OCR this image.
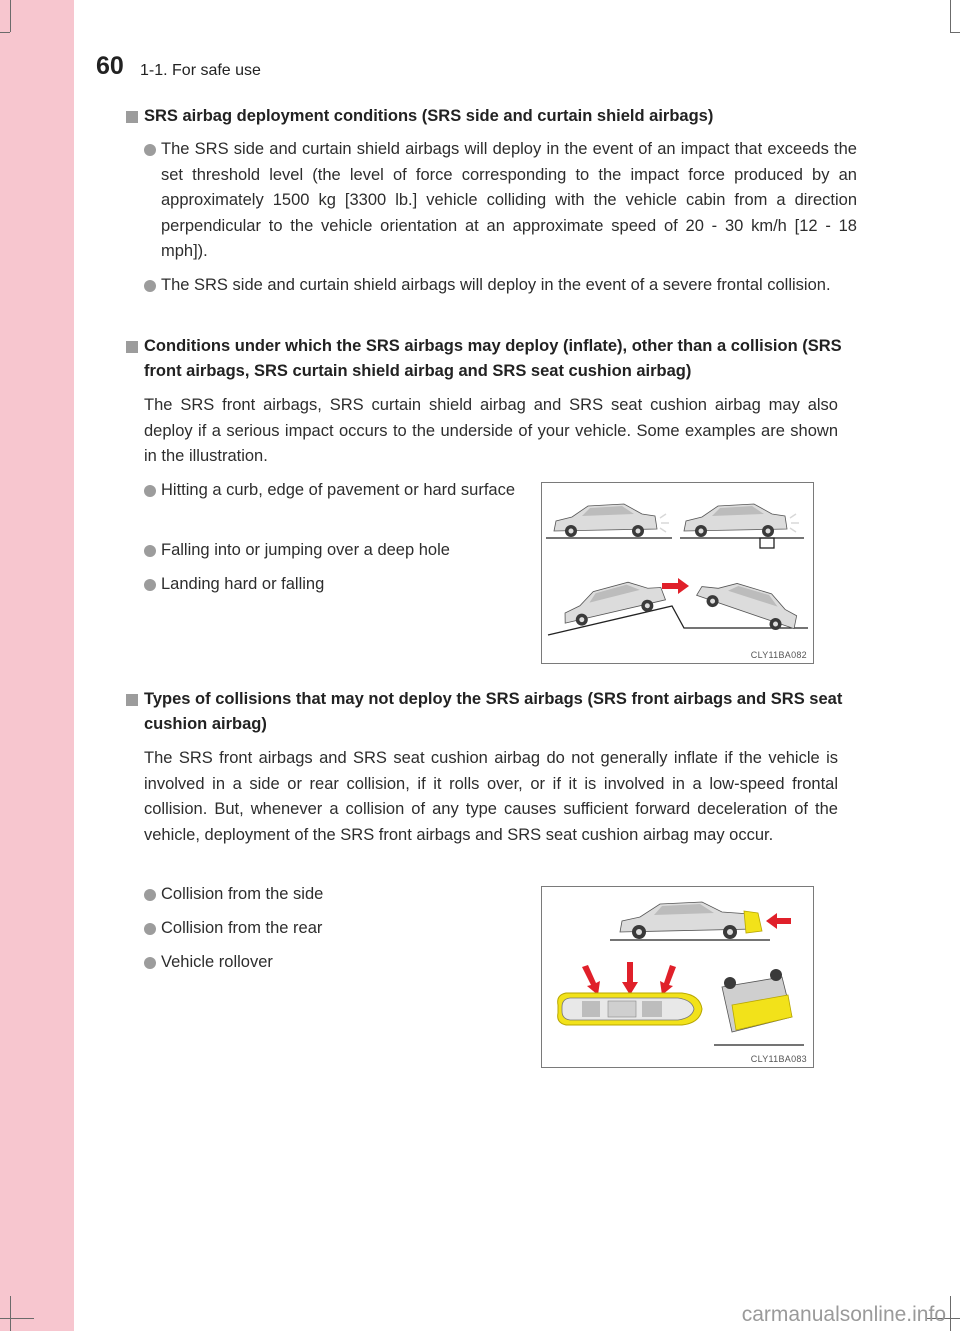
60 1-1. For safe use
SRS airbag deployment conditions (SRS side and curtain shield airbags)
The SRS side and curtain shield airbags will deploy in the event of an impact that exceeds the set threshold level (the level of force corresponding to the impact force produced by an approximately 1500 kg [3300 lb.] vehicle colliding with the vehicle cabin from a direction perpendicular to the vehicle orientation at an approximate speed of 20 - 30 km/h [12 - 18 mph]).
The SRS side and curtain shield airbags will deploy in the event of a severe frontal collision.
Conditions under which the SRS airbags may deploy (inflate), other than a collision (SRS front airbags, SRS curtain shield airbag and SRS seat cushion airbag)
The SRS front airbags, SRS curtain shield airbag and SRS seat cushion airbag may also deploy if a serious impact occurs to the underside of your vehicle. Some examples are shown in the illustration.
Hitting a curb, edge of pavement or hard surface
Falling into or jumping over a deep hole
Landing hard or falling
CLY11BA082
Types of collisions that may not deploy the SRS airbags (SRS front airbags and SRS seat cushion airbag)
The SRS front airbags and SRS seat cushion airbag do not generally inflate if the vehicle is involved in a side or rear collision, if it rolls over, or if it is involved in a low-speed frontal collision. But, whenever a collision of any type causes sufficient forward deceleration of the vehicle, deployment of the SRS front airbags and SRS seat cushion airbag may occur.
Collision from the side
Collision from the rear
Vehicle rollover
CLY11BA083
carmanualsonline.info
